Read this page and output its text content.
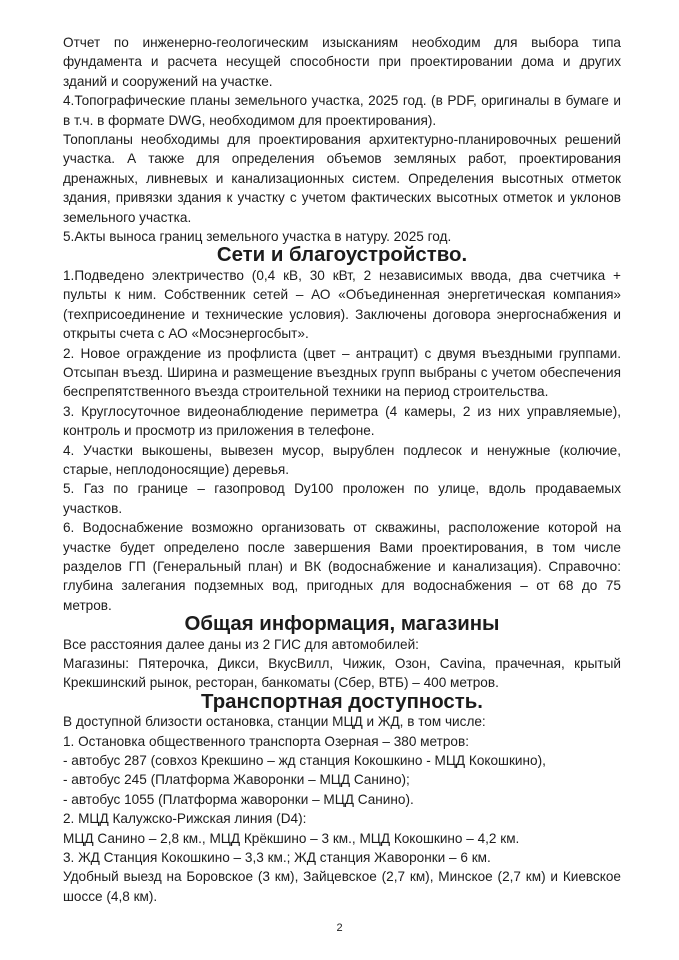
Отчет по инженерно-геологическим изысканиям необходим для выбора типа фундамента и расчета несущей способности при проектировании дома и других зданий и сооружений на участке.

4.Топографические планы земельного участка, 2025 год. (в PDF, оригиналы в бумаге и в т.ч. в формате DWG, необходимом для проектирования).

Топопланы необходимы для проектирования архитектурно-планировочных решений участка. А также для определения объемов земляных работ, проектирования дренажных, ливневых и канализационных систем. Определения высотных отметок здания, привязки здания к участку с учетом фактических высотных отметок и уклонов земельного участка.

5.Акты выноса границ земельного участка в натуру. 2025 год.

Сети и благоустройство.

1.Подведено электричество (0,4 кВ, 30 кВт, 2 независимых ввода, два счетчика + пульты к ним. Собственник сетей – АО «Объединенная энергетическая компания» (техприсоединение и технические условия). Заключены договора энергоснабжения и открыты счета с АО «Мосэнергосбыт».

2. Новое ограждение из профлиста (цвет – антрацит) с двумя въездными группами. Отсыпан въезд. Ширина и размещение въездных групп выбраны с учетом обеспечения беспрепятственного въезда строительной техники на период строительства.

3. Круглосуточное видеонаблюдение периметра (4 камеры, 2 из них управляемые), контроль и просмотр из приложения в телефоне.

4. Участки выкошены, вывезен мусор, вырублен подлесок и ненужные (колючие, старые, неплодоносящие) деревья.

5. Газ по границе – газопровод Dу100 проложен по улице, вдоль продаваемых участков.

6. Водоснабжение возможно организовать от скважины, расположение которой на участке будет определено после завершения Вами проектирования, в том числе разделов ГП (Генеральный план) и ВК (водоснабжение и канализация). Справочно: глубина залегания подземных вод, пригодных для водоснабжения – от 68 до 75 метров.

Общая информация, магазины

Все расстояния далее даны из 2 ГИС для автомобилей:

Магазины: Пятерочка, Дикси, ВкусВилл, Чижик, Озон, Cavina, прачечная, крытый Крекшинский рынок, ресторан, банкоматы (Сбер, ВТБ) – 400 метров.

Транспортная доступность.

В доступной близости остановка, станции МЦД и ЖД, в том числе:

1. Остановка общественного транспорта Озерная – 380 метров:

- автобус 287 (совхоз Крекшино – жд станция Кокошкино - МЦД Кокошкино),

- автобус 245 (Платформа Жаворонки – МЦД Санино);

- автобус 1055 (Платформа жаворонки – МЦД Санино).

2. МЦД Калужско-Рижская линия (D4):

МЦД Санино – 2,8 км., МЦД Крёкшино – 3 км., МЦД Кокошкино – 4,2 км.

3. ЖД Станция Кокошкино – 3,3 км.; ЖД станция Жаворонки – 6 км.

Удобный выезд на Боровское (3 км), Зайцевское (2,7 км), Минское (2,7 км) и Киевское шоссе (4,8 км).

2
